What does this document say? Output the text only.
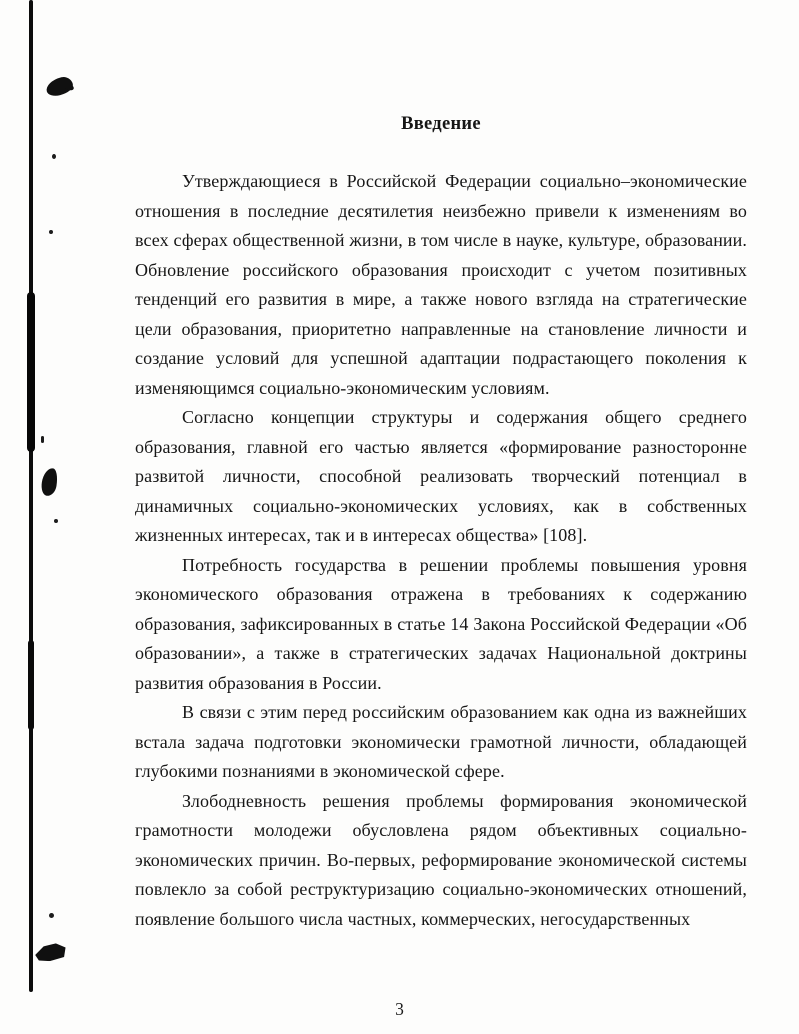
Введение

Утверждающиеся в Российской Федерации социально–экономические отношения в последние десятилетия неизбежно привели к изменениям во всех сферах общественной жизни, в том числе в науке, культуре, образовании. Обновление российского образования происходит с учетом позитивных тенденций его развития в мире, а также нового взгляда на стратегические цели образования, приоритетно направленные на становление личности и создание условий для успешной адаптации подрастающего поколения к изменяющимся социально-экономическим условиям.

Согласно концепции структуры и содержания общего среднего образования, главной его частью является «формирование разносторонне развитой личности, способной реализовать творческий потенциал в динамичных социально-экономических условиях, как в собственных жизненных интересах, так и в интересах общества» [108].

Потребность государства в решении проблемы повышения уровня экономического образования отражена в требованиях к содержанию образования, зафиксированных в статье 14 Закона Российской Федерации «Об образовании», а также в стратегических задачах Национальной доктрины развития образования в России.

В связи с этим перед российским образованием как одна из важнейших встала задача подготовки экономически грамотной личности, обладающей глубокими познаниями в экономической сфере.

Злободневность решения проблемы формирования экономической грамотности молодежи обусловлена рядом объективных социально-экономических причин. Во-первых, реформирование экономической системы повлекло за собой реструктуризацию социально-экономических отношений, появление большого числа частных, коммерческих, негосударственных

3
